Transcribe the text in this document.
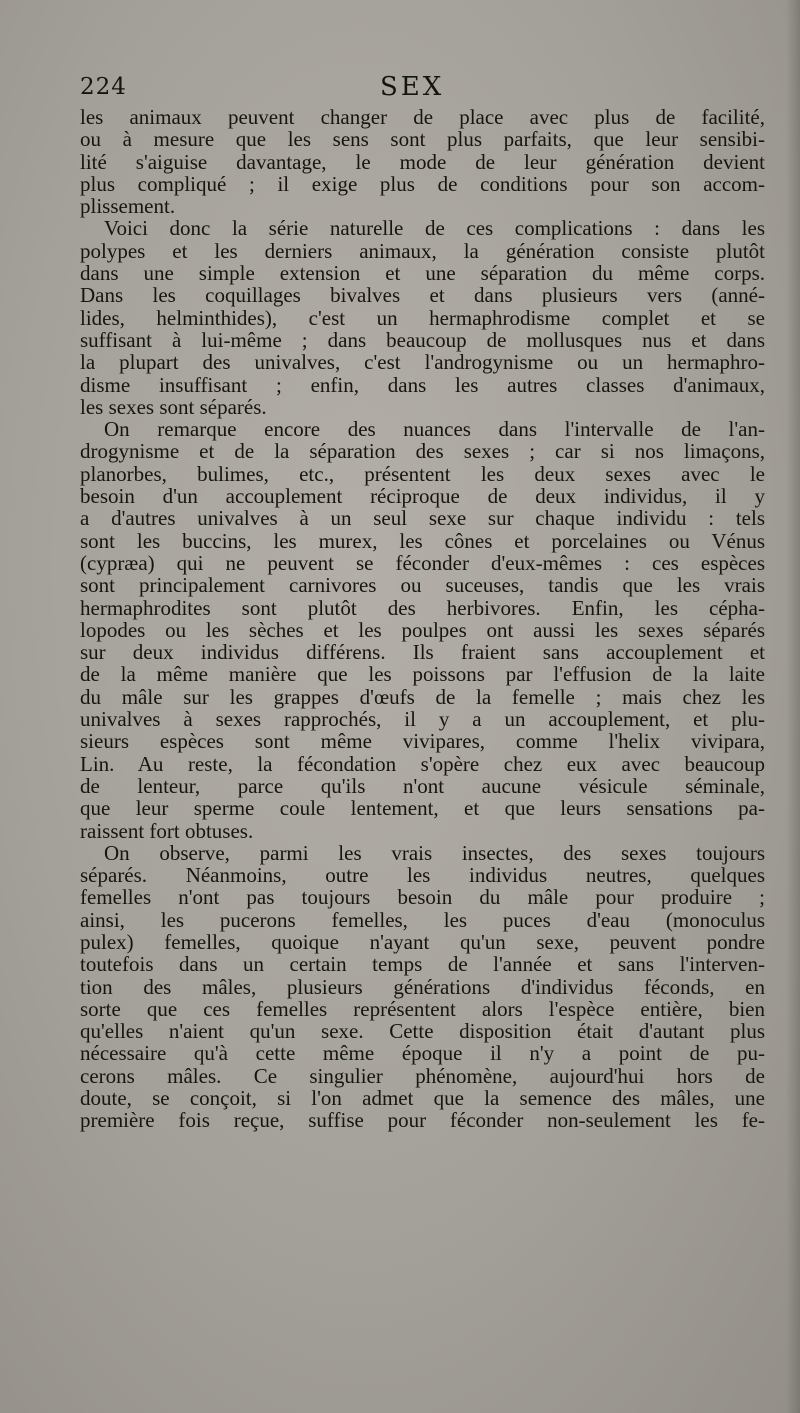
224	SEX

les animaux peuvent changer de place avec plus de facilité,
ou à mesure que les sens sont plus parfaits, que leur sensibi-
lité s'aiguise davantage, le mode de leur génération devient
plus compliqué ; il exige plus de conditions pour son accom-
plissement.

Voici donc la série naturelle de ces complications : dans les
polypes et les derniers animaux, la génération consiste plutôt
dans une simple extension et une séparation du même corps.
Dans les coquillages bivalves et dans plusieurs vers (anné-
lides, helminthides), c'est un hermaphrodisme complet et se
suffisant à lui-même ; dans beaucoup de mollusques nus et dans
la plupart des univalves, c'est l'androgynisme ou un hermaphro-
disme insuffisant ; enfin, dans les autres classes d'animaux,
les sexes sont séparés.

On remarque encore des nuances dans l'intervalle de l'an-
drogynisme et de la séparation des sexes ; car si nos limaçons,
planorbes, bulimes, etc., présentent les deux sexes avec le
besoin d'un accouplement réciproque de deux individus, il y
a d'autres univalves à un seul sexe sur chaque individu : tels
sont les buccins, les murex, les cônes et porcelaines ou Vénus
(cypræa) qui ne peuvent se féconder d'eux-mêmes : ces espèces
sont principalement carnivores ou suceuses, tandis que les vrais
hermaphrodites sont plutôt des herbivores. Enfin, les cépha-
lopodes ou les sèches et les poulpes ont aussi les sexes séparés
sur deux individus différens. Ils fraient sans accouplement et
de la même manière que les poissons par l'effusion de la laite
du mâle sur les grappes d'œufs de la femelle ; mais chez les
univalves à sexes rapprochés, il y a un accouplement, et plu-
sieurs espèces sont même vivipares, comme l'helix vivipara,
Lin. Au reste, la fécondation s'opère chez eux avec beaucoup
de lenteur, parce qu'ils n'ont aucune vésicule séminale,
que leur sperme coule lentement, et que leurs sensations pa-
raissent fort obtuses.

On observe, parmi les vrais insectes, des sexes toujours
séparés. Néanmoins, outre les individus neutres, quelques
femelles n'ont pas toujours besoin du mâle pour produire ;
ainsi, les pucerons femelles, les puces d'eau (monoculus
pulex) femelles, quoique n'ayant qu'un sexe, peuvent pondre
toutefois dans un certain temps de l'année et sans l'interven-
tion des mâles, plusieurs générations d'individus féconds, en
sorte que ces femelles représentent alors l'espèce entière, bien
qu'elles n'aient qu'un sexe. Cette disposition était d'autant plus
nécessaire qu'à cette même époque il n'y a point de pu-
cerons mâles. Ce singulier phénomène, aujourd'hui hors de
doute, se conçoit, si l'on admet que la semence des mâles, une
première fois reçue, suffise pour féconder non-seulement les fe-
